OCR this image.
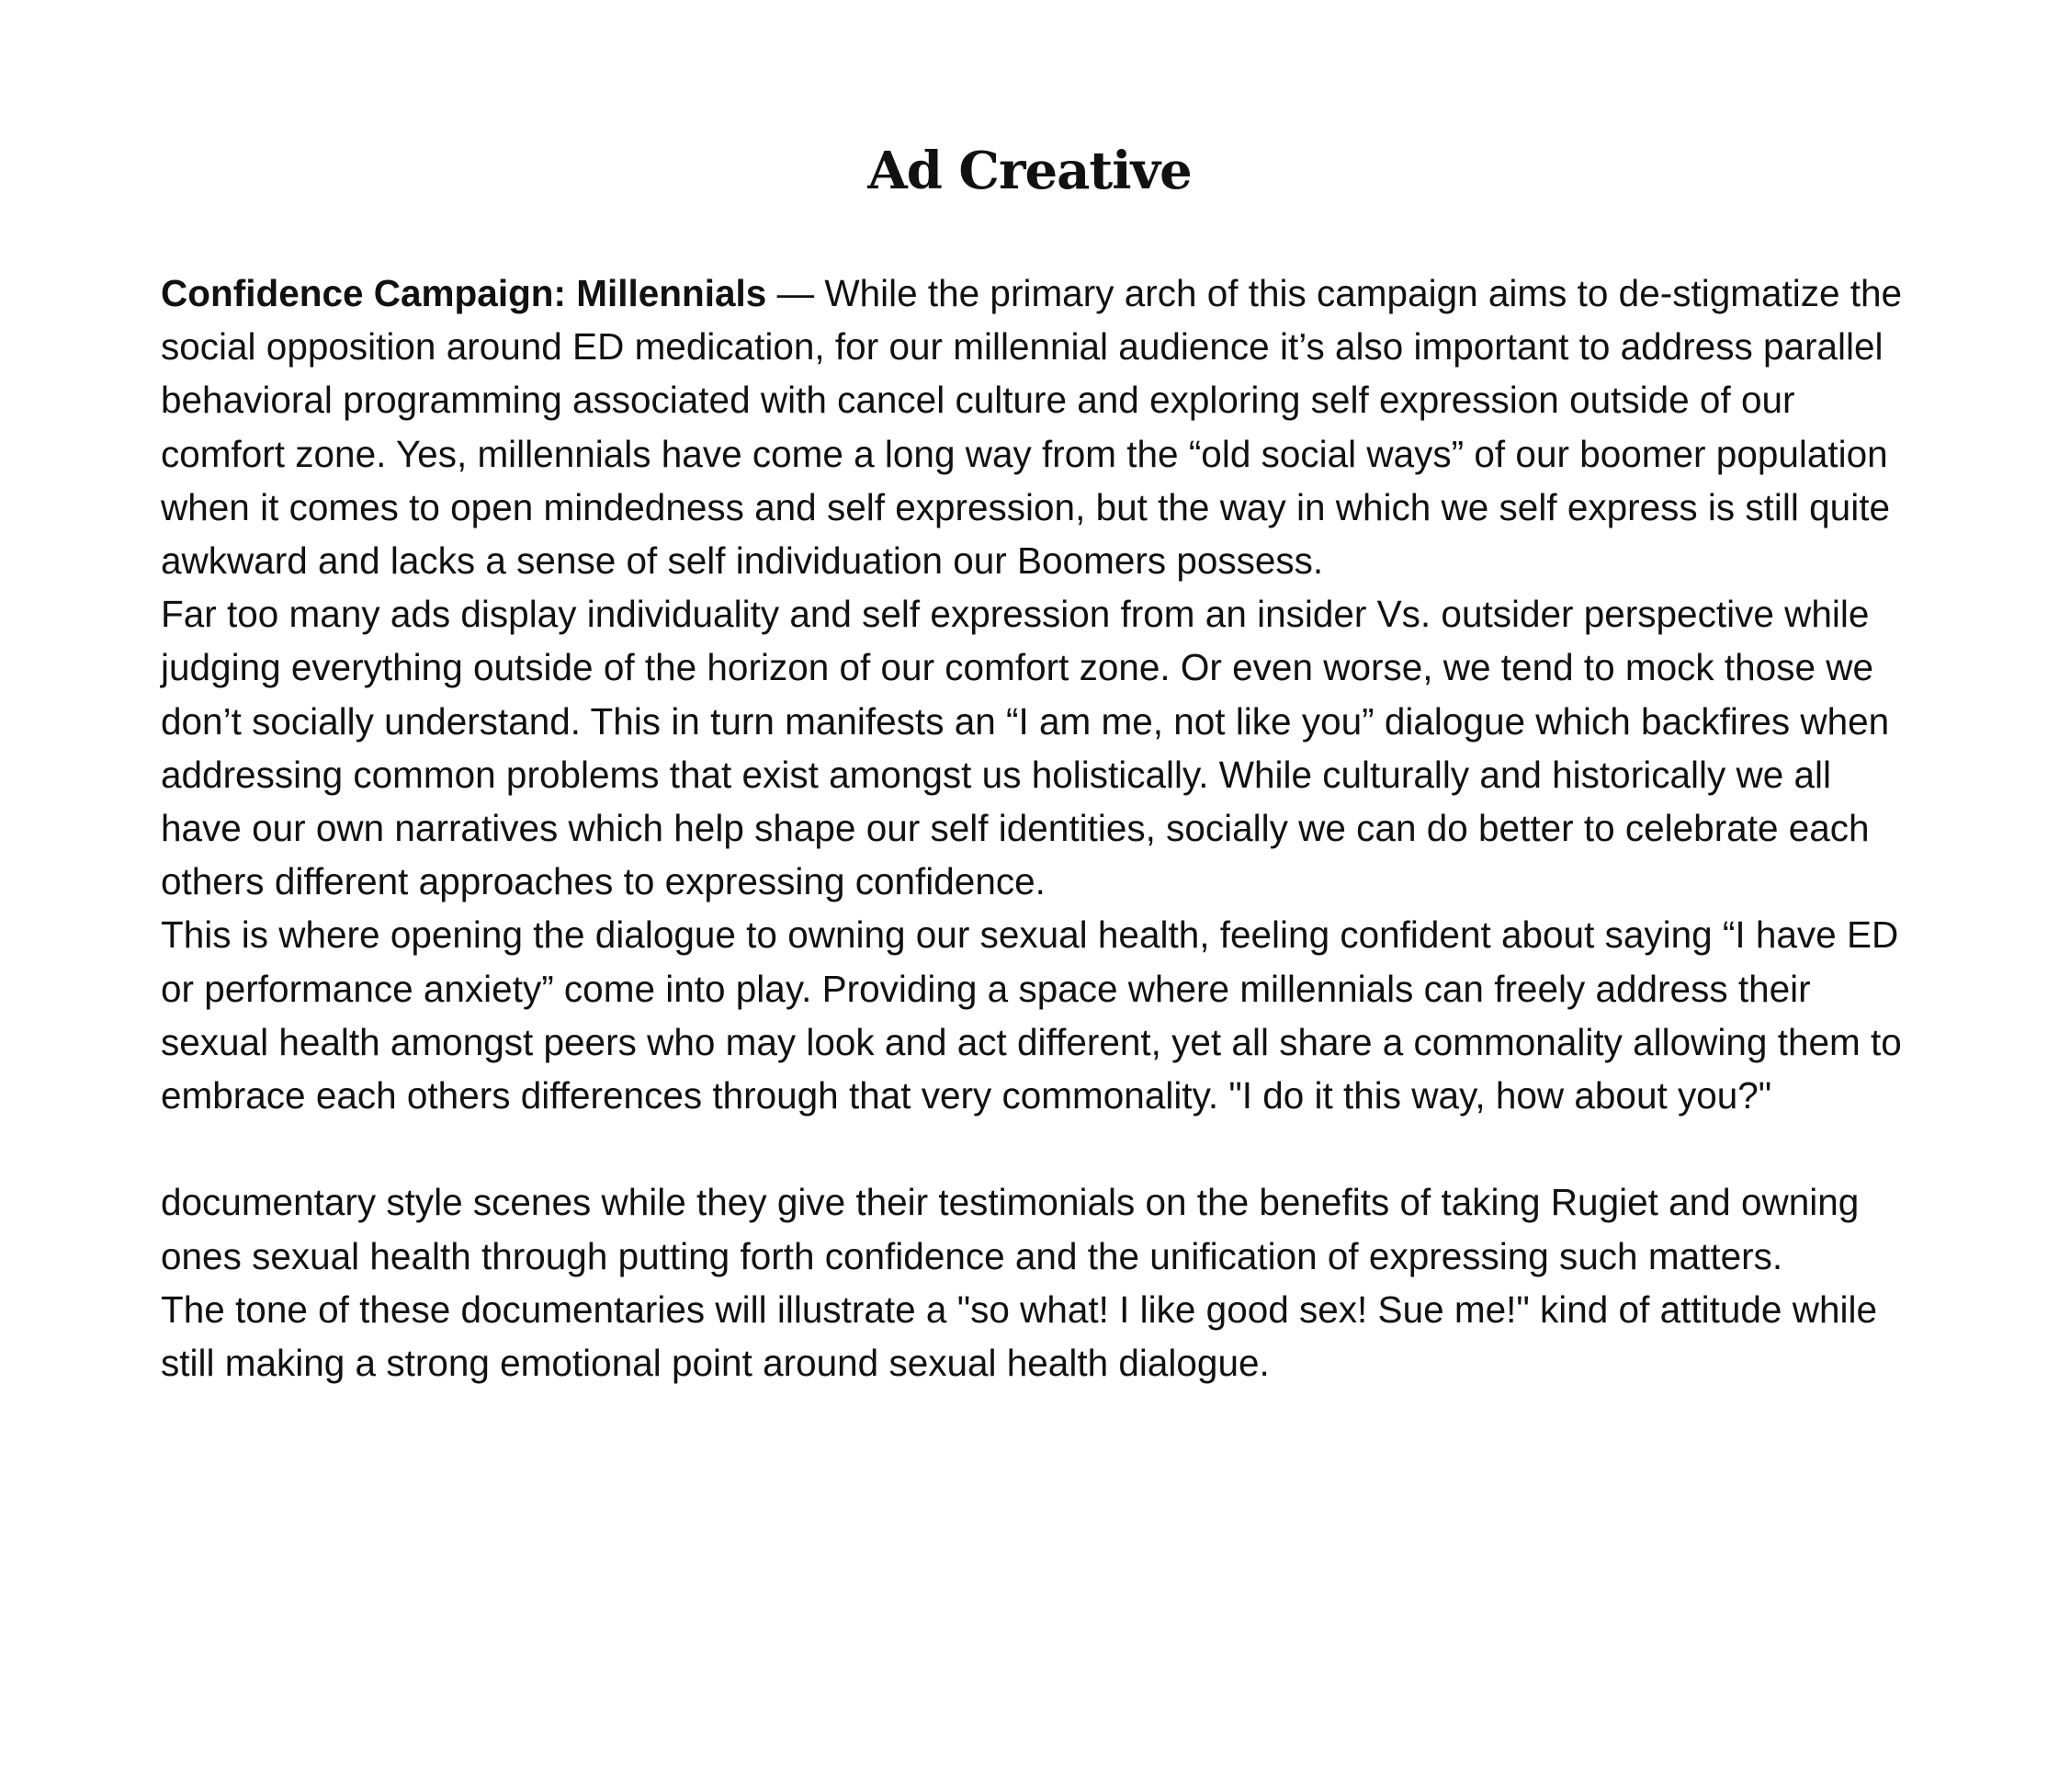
Ad Creative

Confidence Campaign: Millennials — While the primary arch of this campaign aims to de-stigmatize the social opposition around ED medication, for our millennial audience it’s also important to address parallel behavioral programming associated with cancel culture and exploring self expression outside of our comfort zone. Yes, millennials have come a long way from the “old social ways” of our boomer population when it comes to open mindedness and self expression, but the way in which we self express is still quite awkward and lacks a sense of self individuation our Boomers possess.

Far too many ads display individuality and self expression from an insider Vs. outsider perspective while judging everything outside of the horizon of our comfort zone. Or even worse, we tend to mock those we don’t socially understand. This in turn manifests an “I am me, not like you” dialogue which backfires when addressing common problems that exist amongst us holistically. While culturally and historically we all have our own narratives which help shape our self identities, socially we can do better to celebrate each others different approaches to expressing confidence.

This is where opening the dialogue to owning our sexual health, feeling confident about saying “I have ED or performance anxiety” come into play. Providing a space where millennials can freely address their sexual health amongst peers who may look and act different, yet all share a commonality allowing them to embrace each others differences through that very commonality. "I do it this way, how about you?"

documentary style scenes while they give their testimonials on the benefits of taking Rugiet and owning ones sexual health through putting forth confidence and the unification of expressing such matters.

The tone of these documentaries will illustrate a "so what! I like good sex! Sue me!" kind of attitude while still making a strong emotional point around sexual health dialogue.
